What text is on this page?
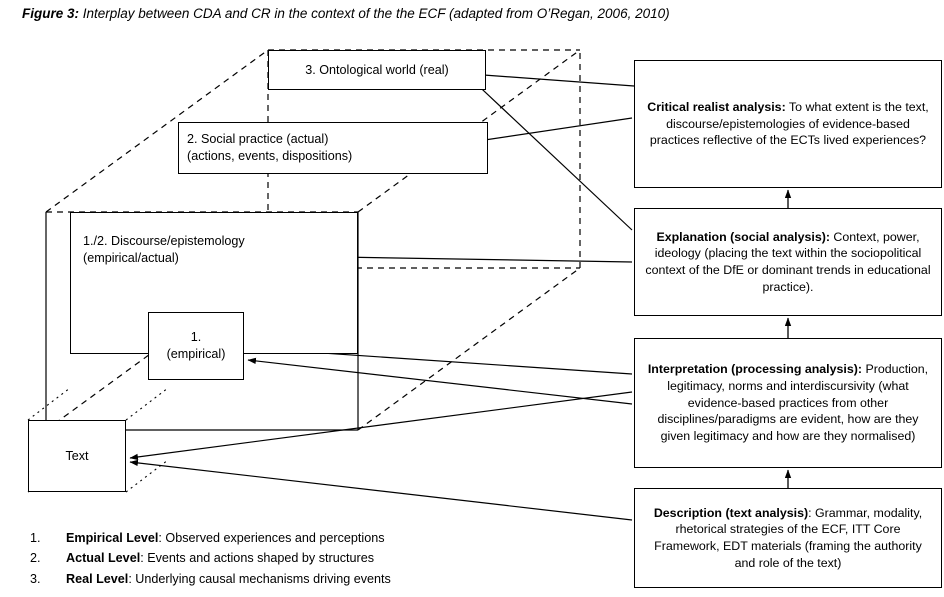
Figure 3: Interplay between CDA and CR in the context of the the ECF (adapted from O’Regan, 2006, 2010)
3. Ontological world (real)
2. Social practice (actual)
(actions, events, dispositions)
1./2. Discourse/epistemology
(empirical/actual)
1.
(empirical)
Text
Critical realist analysis: To what extent is the text, discourse/epistemologies of evidence-based practices reflective of the ECTs lived experiences?
Explanation (social analysis): Context, power, ideology (placing the text within the sociopolitical context of the DfE or dominant trends in educational practice).
Interpretation (processing analysis): Production, legitimacy, norms and interdiscursivity (what evidence-based practices from other disciplines/paradigms are evident, how are they given legitimacy and how are they normalised)
Description (text analysis): Grammar, modality, rhetorical strategies of the ECF, ITT Core Framework, EDT materials (framing the authority and role of the text)
1.	Empirical Level: Observed experiences and perceptions
2.	Actual Level: Events and actions shaped by structures
3.	Real Level: Underlying causal mechanisms driving events
